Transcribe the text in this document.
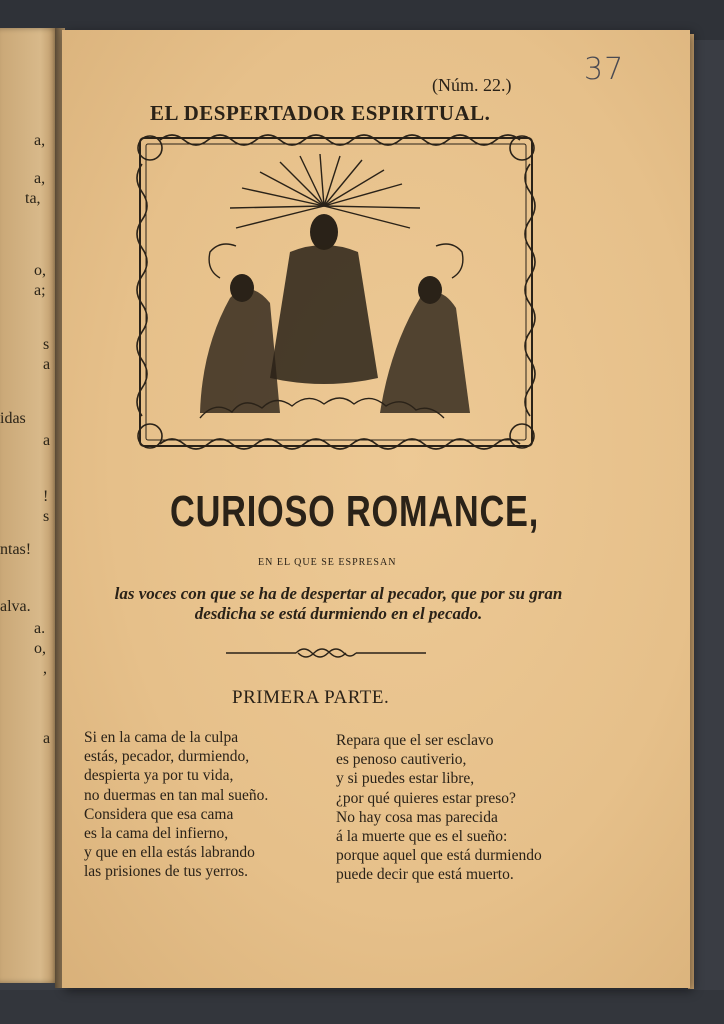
a,
a,
ta,
o,
a;
s
a
idas
a
!
s
ntas!
alva.
a.
o,
,
a
(Núm. 22.) 37
EL DESPERTADOR ESPIRITUAL.
CURIOSO ROMANCE,
EN EL QUE SE ESPRESAN
las voces con que se ha de despertar al pecador, que por su gran desdicha se está durmiendo en el pecado.
PRIMERA PARTE.
Si en la cama de la culpa
estás, pecador, durmiendo,
despierta ya por tu vida,
no duermas en tan mal sueño.
Considera que esa cama
es la cama del infierno,
y que en ella estás labrando
las prisiones de tus yerros.
Repara que el ser esclavo
es penoso cautiverio,
y si puedes estar libre,
¿por qué quieres estar preso?
No hay cosa mas parecida
á la muerte que es el sueño:
porque aquel que está durmiendo
puede decir que está muerto.
